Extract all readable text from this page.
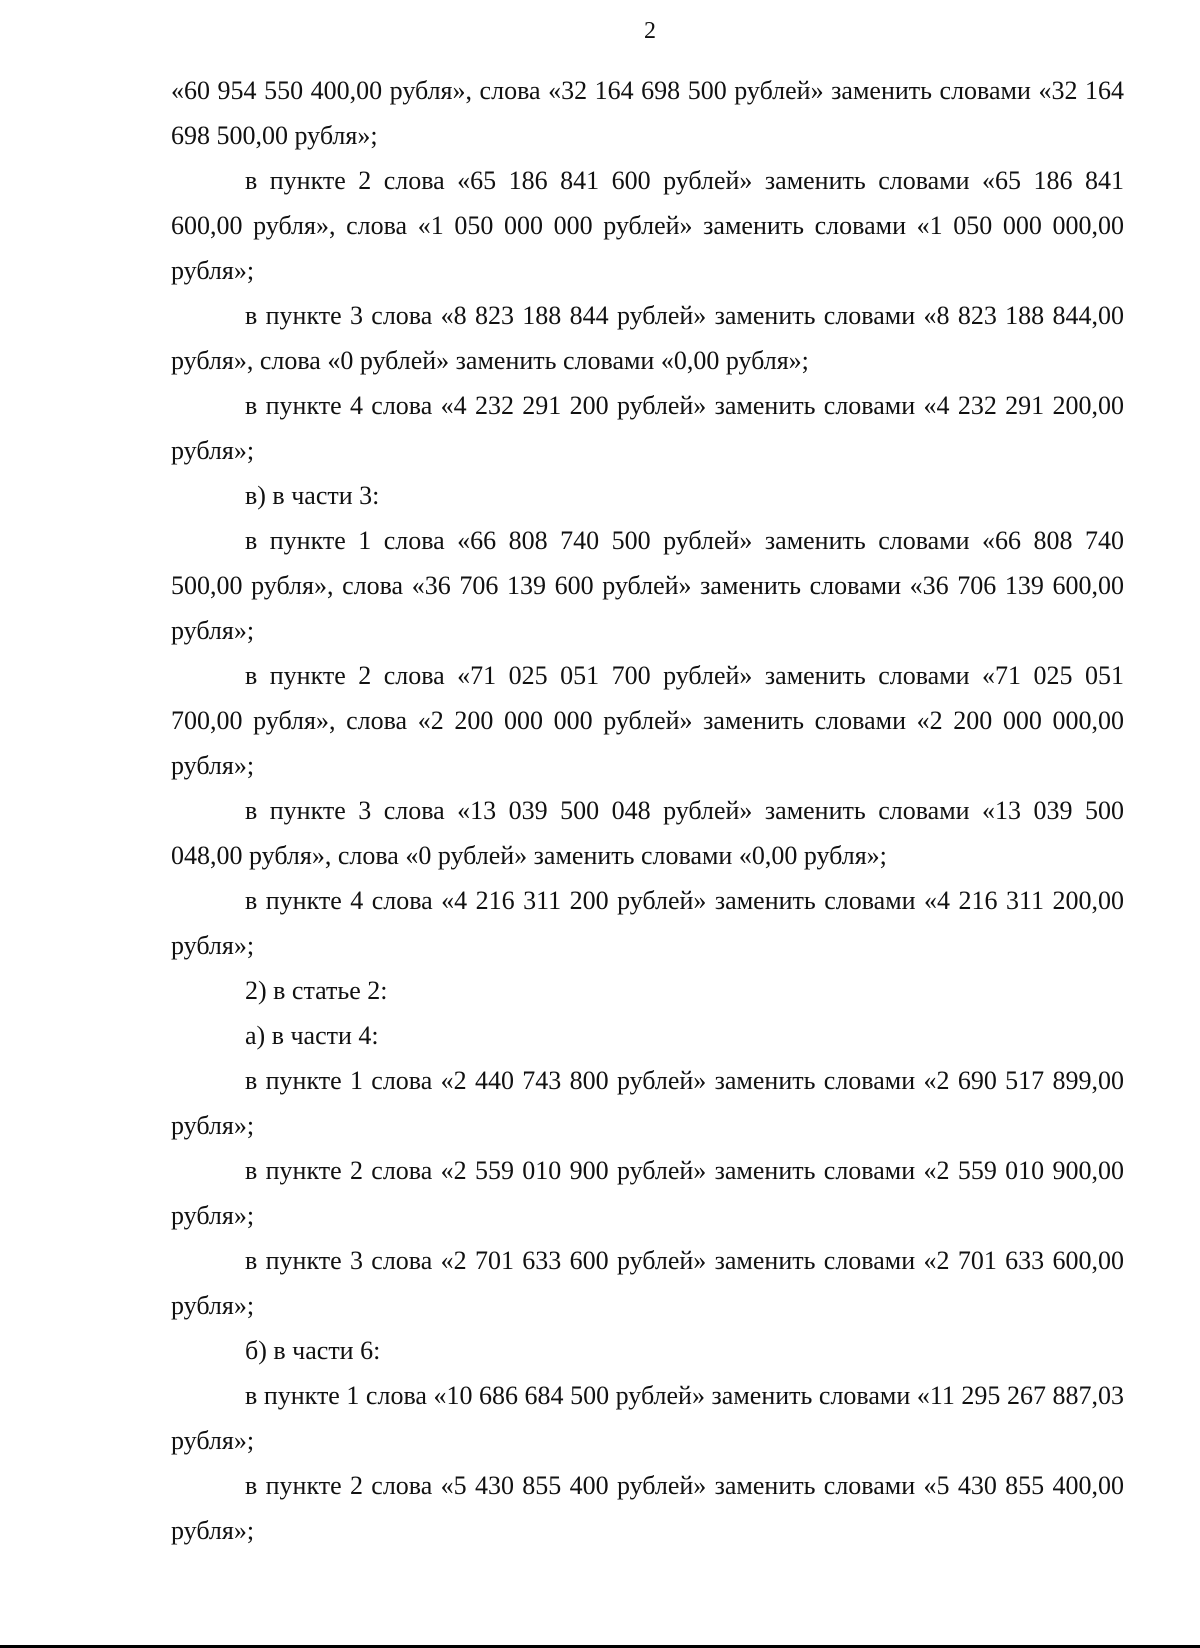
2

«60 954 550 400,00 рубля», слова «32 164 698 500 рублей» заменить словами «32 164 698 500,00 рубля»;

в пункте 2 слова «65 186 841 600 рублей» заменить словами «65 186 841 600,00 рубля», слова «1 050 000 000 рублей» заменить словами «1 050 000 000,00 рубля»;

в пункте 3 слова «8 823 188 844 рублей» заменить словами «8 823 188 844,00 рубля», слова «0 рублей» заменить словами «0,00 рубля»;

в пункте 4 слова «4 232 291 200 рублей» заменить словами «4 232 291 200,00 рубля»;

в) в части 3:

в пункте 1 слова «66 808 740 500 рублей» заменить словами «66 808 740 500,00 рубля», слова «36 706 139 600 рублей» заменить словами «36 706 139 600,00 рубля»;

в пункте 2 слова «71 025 051 700 рублей» заменить словами «71 025 051 700,00 рубля», слова «2 200 000 000 рублей» заменить словами «2 200 000 000,00 рубля»;

в пункте 3 слова «13 039 500 048 рублей» заменить словами «13 039 500 048,00 рубля», слова «0 рублей» заменить словами «0,00 рубля»;

в пункте 4 слова «4 216 311 200 рублей» заменить словами «4 216 311 200,00 рубля»;

2) в статье 2:

а) в части 4:

в пункте 1 слова «2 440 743 800 рублей» заменить словами «2 690 517 899,00 рубля»;

в пункте 2 слова «2 559 010 900 рублей» заменить словами «2 559 010 900,00 рубля»;

в пункте 3 слова «2 701 633 600 рублей» заменить словами «2 701 633 600,00 рубля»;

б) в части 6:

в пункте 1 слова «10 686 684 500 рублей» заменить словами «11 295 267 887,03 рубля»;

в пункте 2 слова «5 430 855 400 рублей» заменить словами «5 430 855 400,00 рубля»;
